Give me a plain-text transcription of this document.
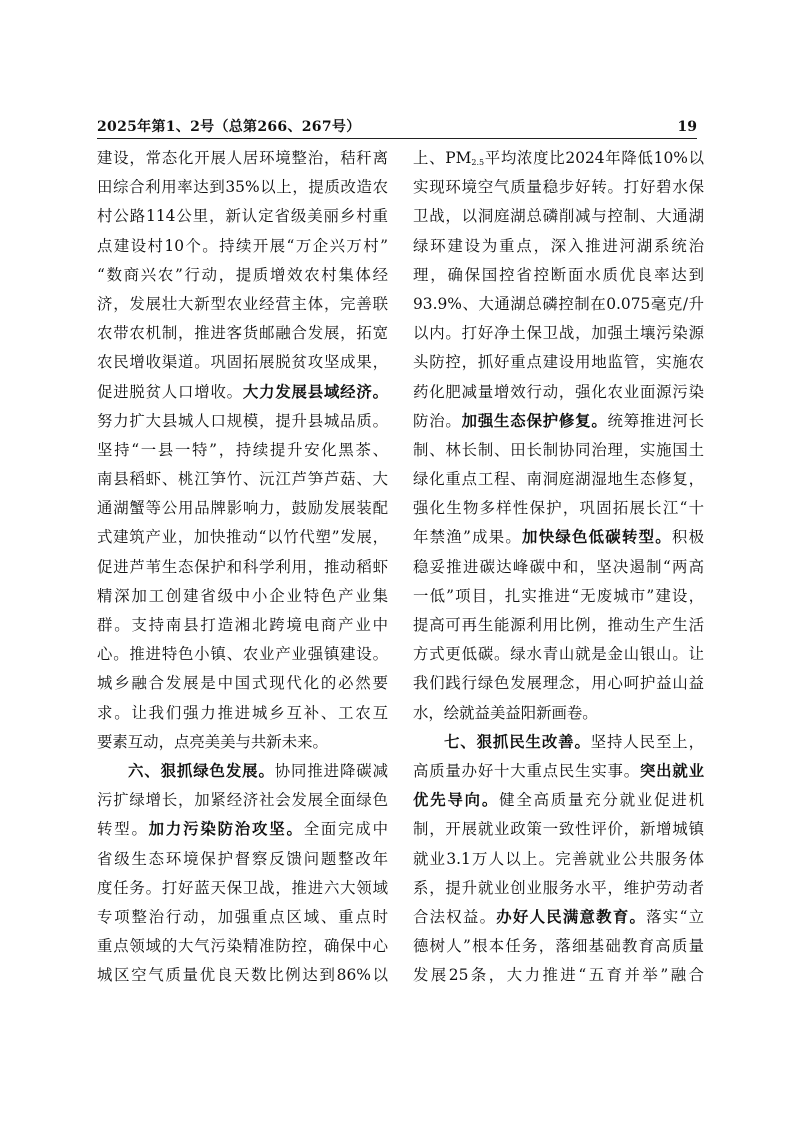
2025年第1、2号（总第266、267号）	19
建设，常态化开展人居环境整治，秸秆离
田综合利用率达到35%以上，提质改造农
村公路114公里，新认定省级美丽乡村重
点建设村10个。持续开展“万企兴万村”
“数商兴农”行动，提质增效农村集体经
济，发展壮大新型农业经营主体，完善联
农带农机制，推进客货邮融合发展，拓宽
农民增收渠道。巩固拓展脱贫攻坚成果，
促进脱贫人口增收。大力发展县域经济。
努力扩大县城人口规模，提升县城品质。
坚持“一县一特”，持续提升安化黑茶、
南县稻虾、桃江笋竹、沅江芦笋芦菇、大
通湖蟹等公用品牌影响力，鼓励发展装配
式建筑产业，加快推动“以竹代塑”发展，
促进芦苇生态保护和科学利用，推动稻虾
精深加工创建省级中小企业特色产业集
群。支持南县打造湘北跨境电商产业中
心。推进特色小镇、农业产业强镇建设。
城乡融合发展是中国式现代化的必然要
求。让我们强力推进城乡互补、工农互
要素互动，点亮美美与共新未来。
六、狠抓绿色发展。协同推进降碳减
污扩绿增长，加紧经济社会发展全面绿色
转型。加力污染防治攻坚。全面完成中
省级生态环境保护督察反馈问题整改年
度任务。打好蓝天保卫战，推进六大领域
专项整治行动，加强重点区域、重点时
重点领域的大气污染精准防控，确保中心
城区空气质量优良天数比例达到86%以
上、$PM_{2.5}$平均浓度比2024年降低10%以
实现环境空气质量稳步好转。打好碧水保
卫战，以洞庭湖总磷削减与控制、大通湖
绿环建设为重点，深入推进河湖系统治
理，确保国控省控断面水质优良率达到
93.9%、大通湖总磷控制在0.075毫克/升
以内。打好净土保卫战，加强土壤污染源
头防控，抓好重点建设用地监管，实施农
药化肥减量增效行动，强化农业面源污染
防治。加强生态保护修复。统筹推进河长
制、林长制、田长制协同治理，实施国土
绿化重点工程、南洞庭湖湿地生态修复，
强化生物多样性保护，巩固拓展长江“十
年禁渔”成果。加快绿色低碳转型。积极
稳妥推进碳达峰碳中和，坚决遏制“两高
一低”项目，扎实推进“无废城市”建设，
提高可再生能源利用比例，推动生产生活
方式更低碳。绿水青山就是金山银山。让
我们践行绿色发展理念，用心呵护益山益
水，绘就益美益阳新画卷。
七、狠抓民生改善。坚持人民至上，
高质量办好十大重点民生实事。突出就业
优先导向。健全高质量充分就业促进机
制，开展就业政策一致性评价，新增城镇
就业3.1万人以上。完善就业公共服务体
系，提升就业创业服务水平，维护劳动者
合法权益。办好人民满意教育。落实“立
德树人”根本任务，落细基础教育高质量
发展25条，大力推进“五育并举”融合
